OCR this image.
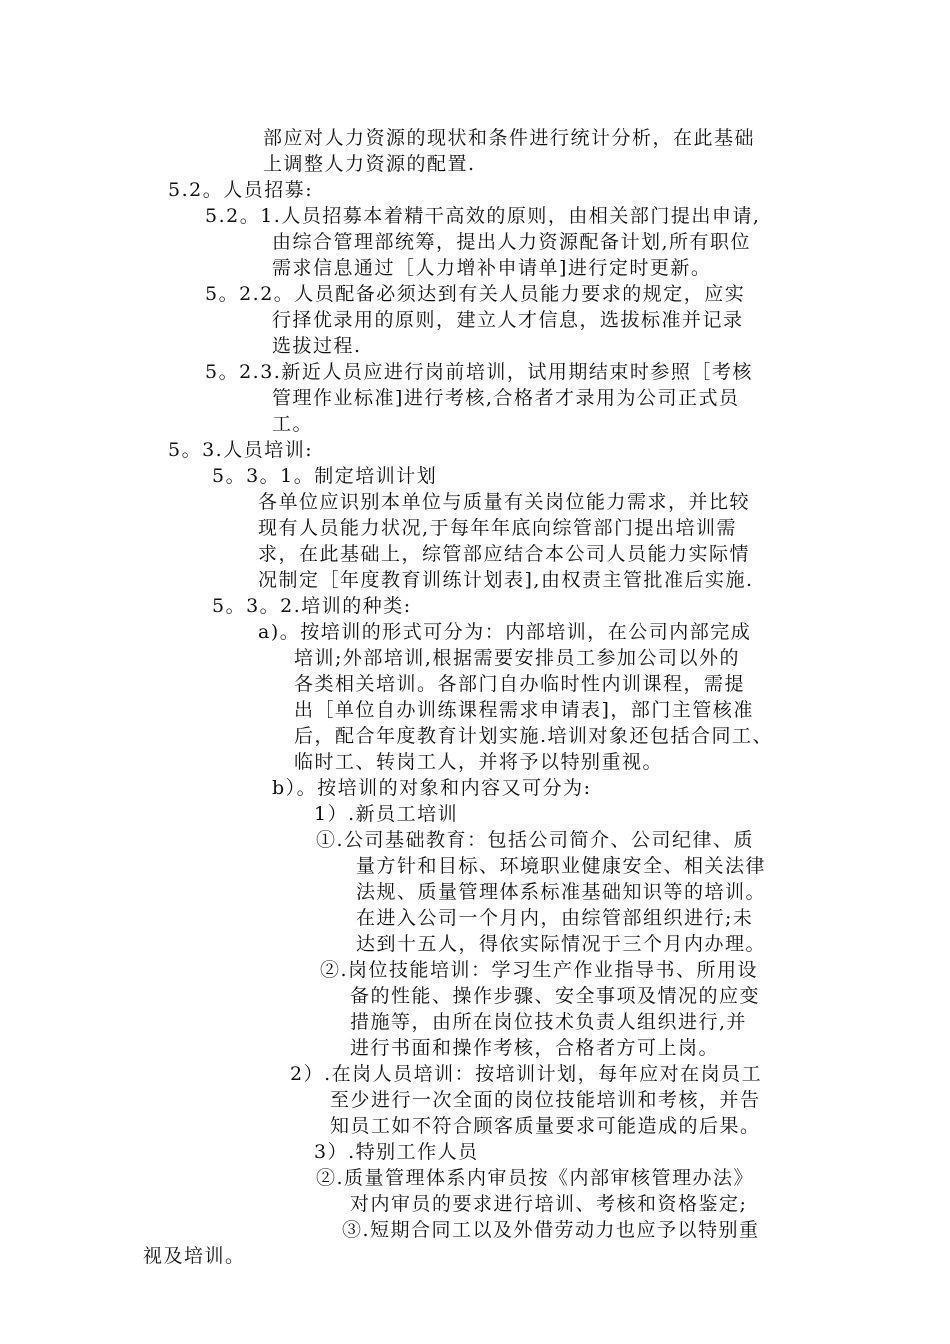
部应对人力资源的现状和条件进行统计分析，在此基础
上调整人力资源的配置.
5.2。人员招募:
5.2。1.人员招募本着精干高效的原则，由相关部门提出申请,
由综合管理部统筹，提出人力资源配备计划,所有职位
需求信息通过［人力增补申请单]进行定时更新。
5。2.2。人员配备必须达到有关人员能力要求的规定，应实
行择优录用的原则，建立人才信息，选拔标准并记录
选拔过程.
5。2.3.新近人员应进行岗前培训，试用期结束时参照［考核
管理作业标准]进行考核,合格者才录用为公司正式员
工。
5。3.人员培训:
5。3。1。制定培训计划
各单位应识别本单位与质量有关岗位能力需求，并比较
现有人员能力状况,于每年年底向综管部门提出培训需
求，在此基础上，综管部应结合本公司人员能力实际情
况制定［年度教育训练计划表],由权责主管批准后实施.
5。3。2.培训的种类:
a)。按培训的形式可分为：内部培训，在公司内部完成
培训;外部培训,根据需要安排员工参加公司以外的
各类相关培训。各部门自办临时性内训课程，需提
出［单位自办训练课程需求申请表]，部门主管核准
后，配合年度教育计划实施.培训对象还包括合同工、
临时工、转岗工人，并将予以特别重视。
b）。按培训的对象和内容又可分为:
1）.新员工培训
①.公司基础教育：包括公司简介、公司纪律、质
量方针和目标、环境职业健康安全、相关法律
法规、质量管理体系标准基础知识等的培训。
在进入公司一个月内，由综管部组织进行;未
达到十五人，得依实际情况于三个月内办理。
②.岗位技能培训：学习生产作业指导书、所用设
备的性能、操作步骤、安全事项及情况的应变
措施等，由所在岗位技术负责人组织进行,并
进行书面和操作考核，合格者方可上岗。
2）.在岗人员培训：按培训计划，每年应对在岗员工
至少进行一次全面的岗位技能培训和考核，并告
知员工如不符合顾客质量要求可能造成的后果。
3）.特别工作人员
②.质量管理体系内审员按《内部审核管理办法》
对内审员的要求进行培训、考核和资格鉴定;
③.短期合同工以及外借劳动力也应予以特别重
视及培训。
